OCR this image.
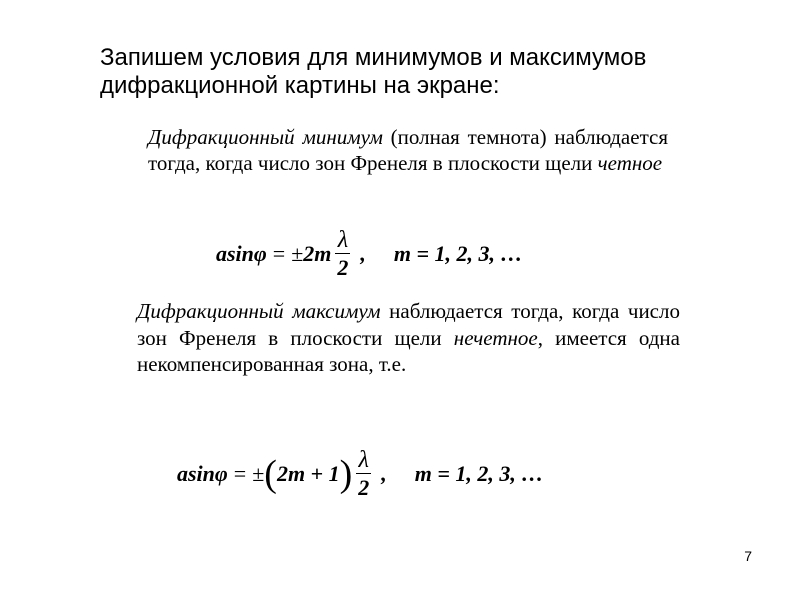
Запишем условия для минимумов и максимумов
дифракционной картины на экране:
Дифракционный минимум (полная темнота) наблюдается тогда, когда число зон Френеля в плоскости щели четное
asinφ = ± $2m \frac{\lambda}{2}$ , m = 1, 2, 3, …
Дифракционный максимум наблюдается тогда, когда число зон Френеля в плоскости щели нечетное, имеется одна некомпенсированная зона, т.е.
asinφ = ± ( 2m + 1 ) $\frac{\lambda}{2}$ , m = 1, 2, 3, …
7
